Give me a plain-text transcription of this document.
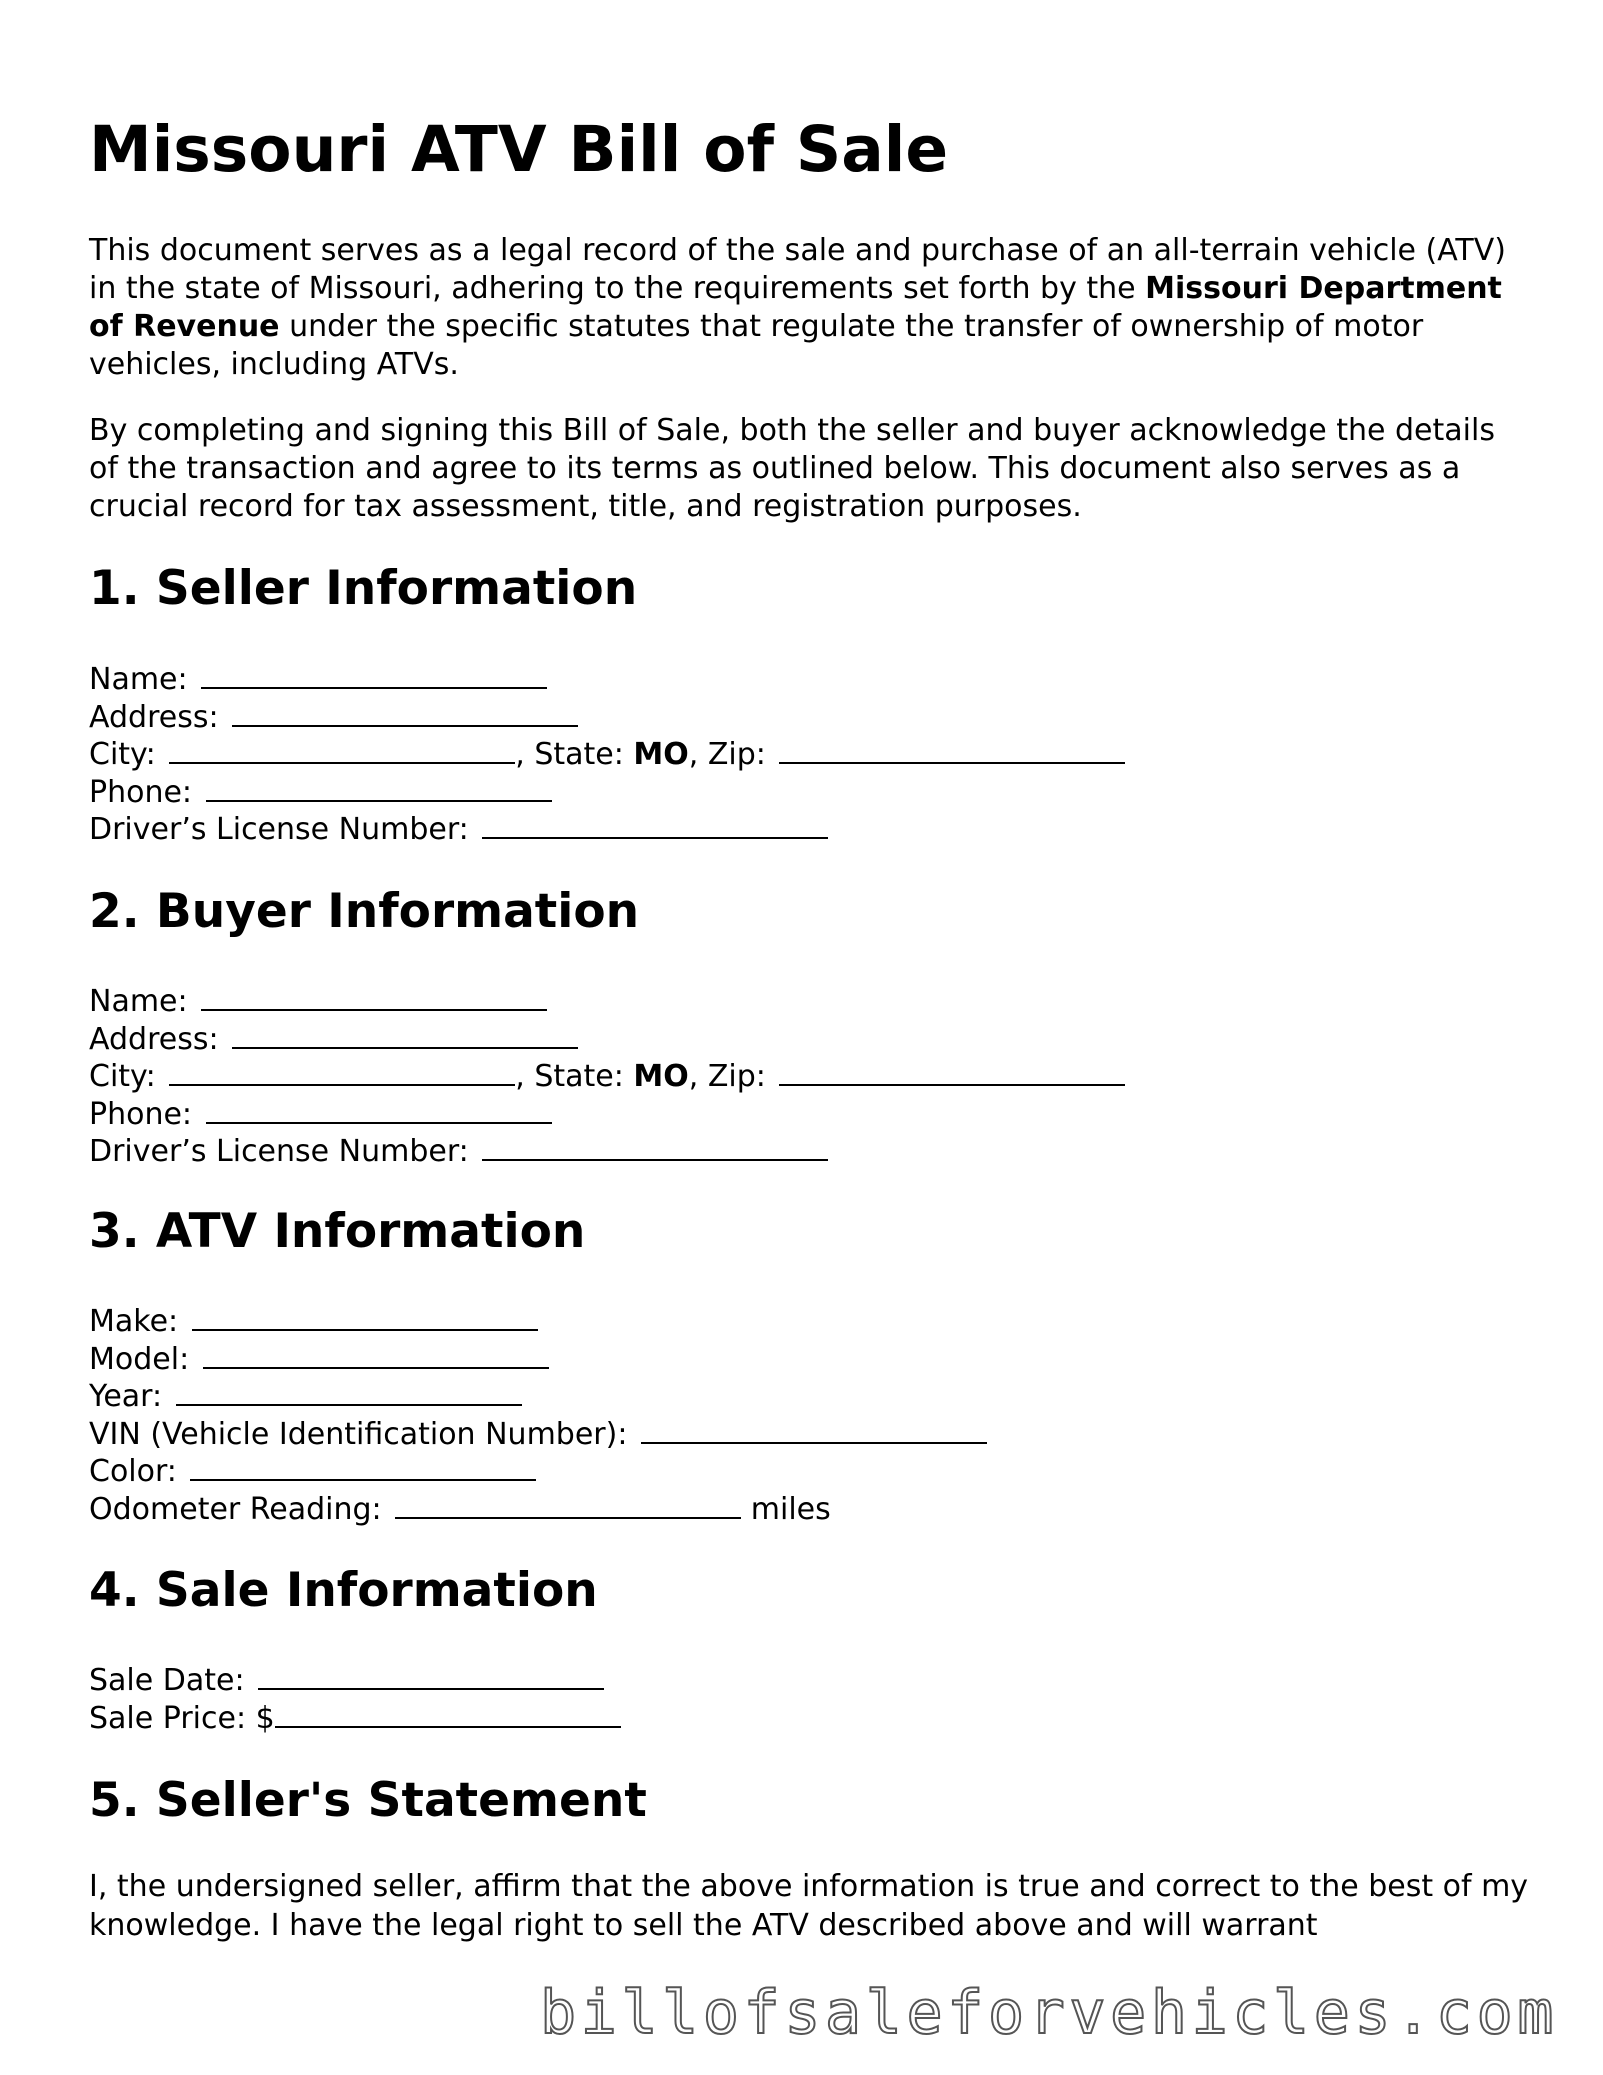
Missouri ATV Bill of Sale

This document serves as a legal record of the sale and purchase of an all-terrain vehicle (ATV) in the state of Missouri, adhering to the requirements set forth by the Missouri Department of Revenue under the specific statutes that regulate the transfer of ownership of motor vehicles, including ATVs.

By completing and signing this Bill of Sale, both the seller and buyer acknowledge the details of the transaction and agree to its terms as outlined below. This document also serves as a crucial record for tax assessment, title, and registration purposes.

1. Seller Information
Name:
Address:
City:	, State: MO, Zip:
Phone:
Driver’s License Number:
2. Buyer Information
Name:
Address:
City:	, State: MO, Zip:
Phone:
Driver’s License Number:
3. ATV Information
Make:
Model:
Year:
VIN (Vehicle Identification Number):
Color:
Odometer Reading:	miles
4. Sale Information
Sale Date:
Sale Price: $
5. Seller's Statement

I, the undersigned seller, affirm that the above information is true and correct to the best of my knowledge. I have the legal right to sell the ATV described above and will warrant

billofsaleforvehicles.com
